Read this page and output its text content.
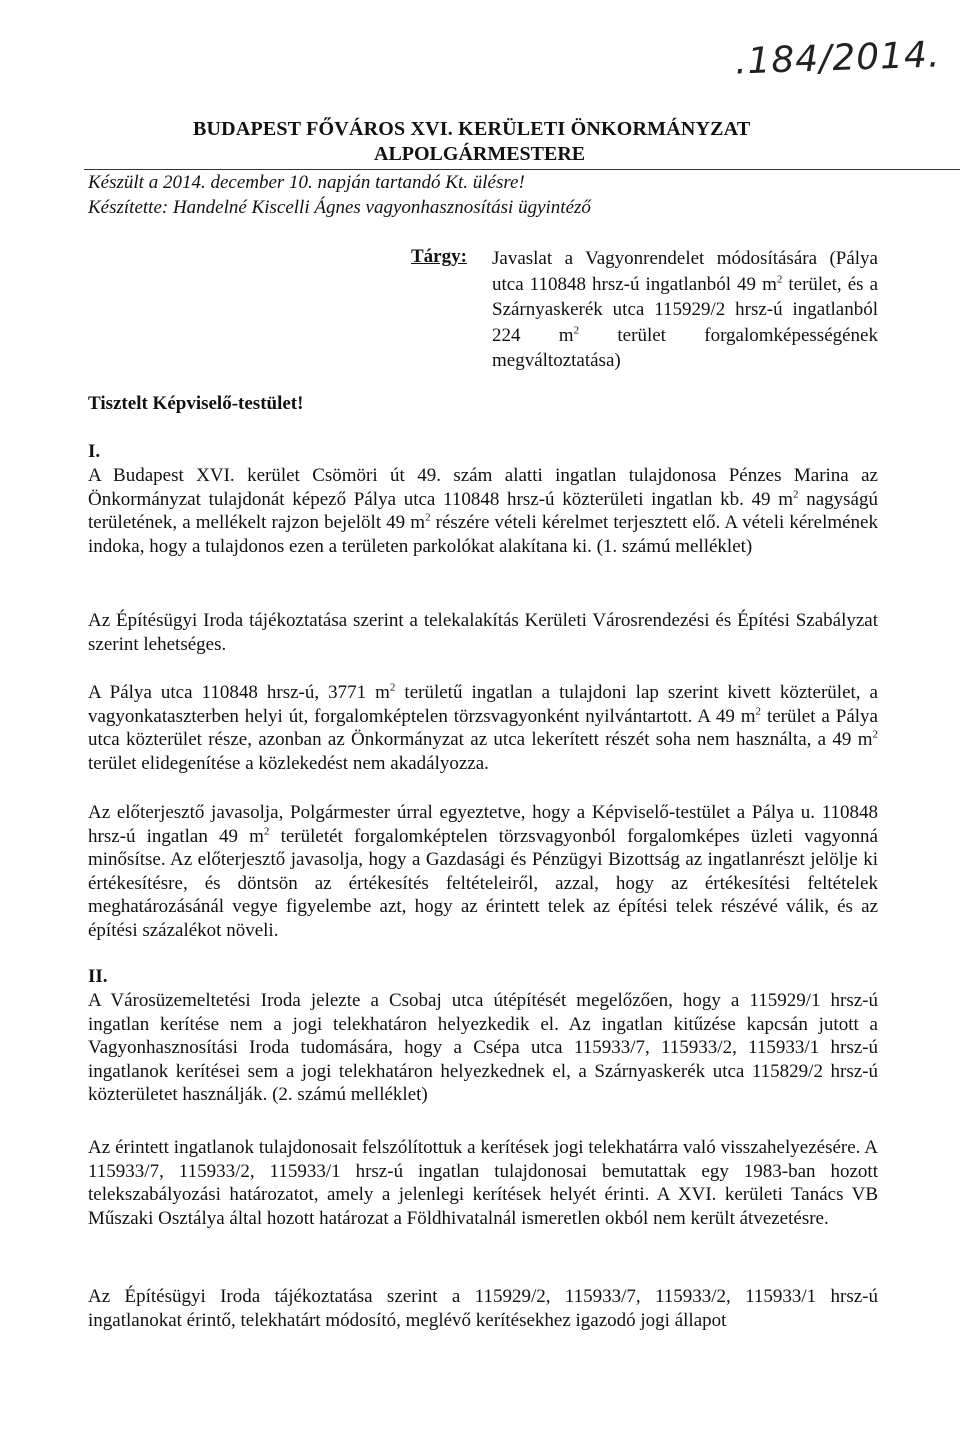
.184/2014.
BUDAPEST FŐVÁROS XVI. KERÜLETI ÖNKORMÁNYZAT
ALPOLGÁRMESTERE
Készült a 2014. december 10. napján tartandó Kt. ülésre!
Készítette: Handelné Kiscelli Ágnes vagyonhasznosítási ügyintéző
Tárgy: Javaslat a Vagyonrendelet módosítására (Pálya utca 110848 hrsz-ú ingatlanból 49 $m^2$ terület, és a Szárnyaskerék utca 115929/2 hrsz-ú ingatlanból 224 $m^2$ terület forgalomképességének megváltoztatása)
Tisztelt Képviselő-testület!
I.
A Budapest XVI. kerület Csömöri út 49. szám alatti ingatlan tulajdonosa Pénzes Marina az Önkormányzat tulajdonát képező Pálya utca 110848 hrsz-ú közterületi ingatlan kb. 49 $m^2$ nagyságú területének, a mellékelt rajzon bejelölt 49 $m^2$ részére vételi kérelmet terjesztett elő. A vételi kérelmének indoka, hogy a tulajdonos ezen a területen parkolókat alakítana ki. (1. számú melléklet)
Az Építésügyi Iroda tájékoztatása szerint a telekalakítás Kerületi Városrendezési és Építési Szabályzat szerint lehetséges.
A Pálya utca 110848 hrsz-ú, 3771 $m^2$ területű ingatlan a tulajdoni lap szerint kivett közterület, a vagyonkataszterben helyi út, forgalomképtelen törzsvagyonként nyilvántartott. A 49 $m^2$ terület a Pálya utca közterület része, azonban az Önkormányzat az utca lekerített részét soha nem használta, a 49 $m^2$ terület elidegenítése a közlekedést nem akadályozza.
Az előterjesztő javasolja, Polgármester úrral egyeztetve, hogy a Képviselő-testület a Pálya u. 110848 hrsz-ú ingatlan 49 $m^2$ területét forgalomképtelen törzsvagyonból forgalomképes üzleti vagyonná minősítse. Az előterjesztő javasolja, hogy a Gazdasági és Pénzügyi Bizottság az ingatlanrészt jelölje ki értékesítésre, és döntsön az értékesítés feltételeiről, azzal, hogy az értékesítési feltételek meghatározásánál vegye figyelembe azt, hogy az érintett telek az építési telek részévé válik, és az építési százalékot növeli.
II.
A Városüzemeltetési Iroda jelezte a Csobaj utca útépítését megelőzően, hogy a 115929/1 hrsz-ú ingatlan kerítése nem a jogi telekhatáron helyezkedik el. Az ingatlan kitűzése kapcsán jutott a Vagyonhasznosítási Iroda tudomására, hogy a Csépa utca 115933/7, 115933/2, 115933/1 hrsz-ú ingatlanok kerítései sem a jogi telekhatáron helyezkednek el, a Szárnyaskerék utca 115829/2 hrsz-ú közterületet használják. (2. számú melléklet)
Az érintett ingatlanok tulajdonosait felszólítottuk a kerítések jogi telekhatárra való visszahelyezésére. A 115933/7, 115933/2, 115933/1 hrsz-ú ingatlan tulajdonosai bemutattak egy 1983-ban hozott telekszabályozási határozatot, amely a jelenlegi kerítések helyét érinti. A XVI. kerületi Tanács VB Műszaki Osztálya által hozott határozat a Földhivatalnál ismeretlen okból nem került átvezetésre.
Az Építésügyi Iroda tájékoztatása szerint a 115929/2, 115933/7, 115933/2, 115933/1 hrsz-ú ingatlanokat érintő, telekhatárt módosító, meglévő kerítésekhez igazodó jogi állapot
